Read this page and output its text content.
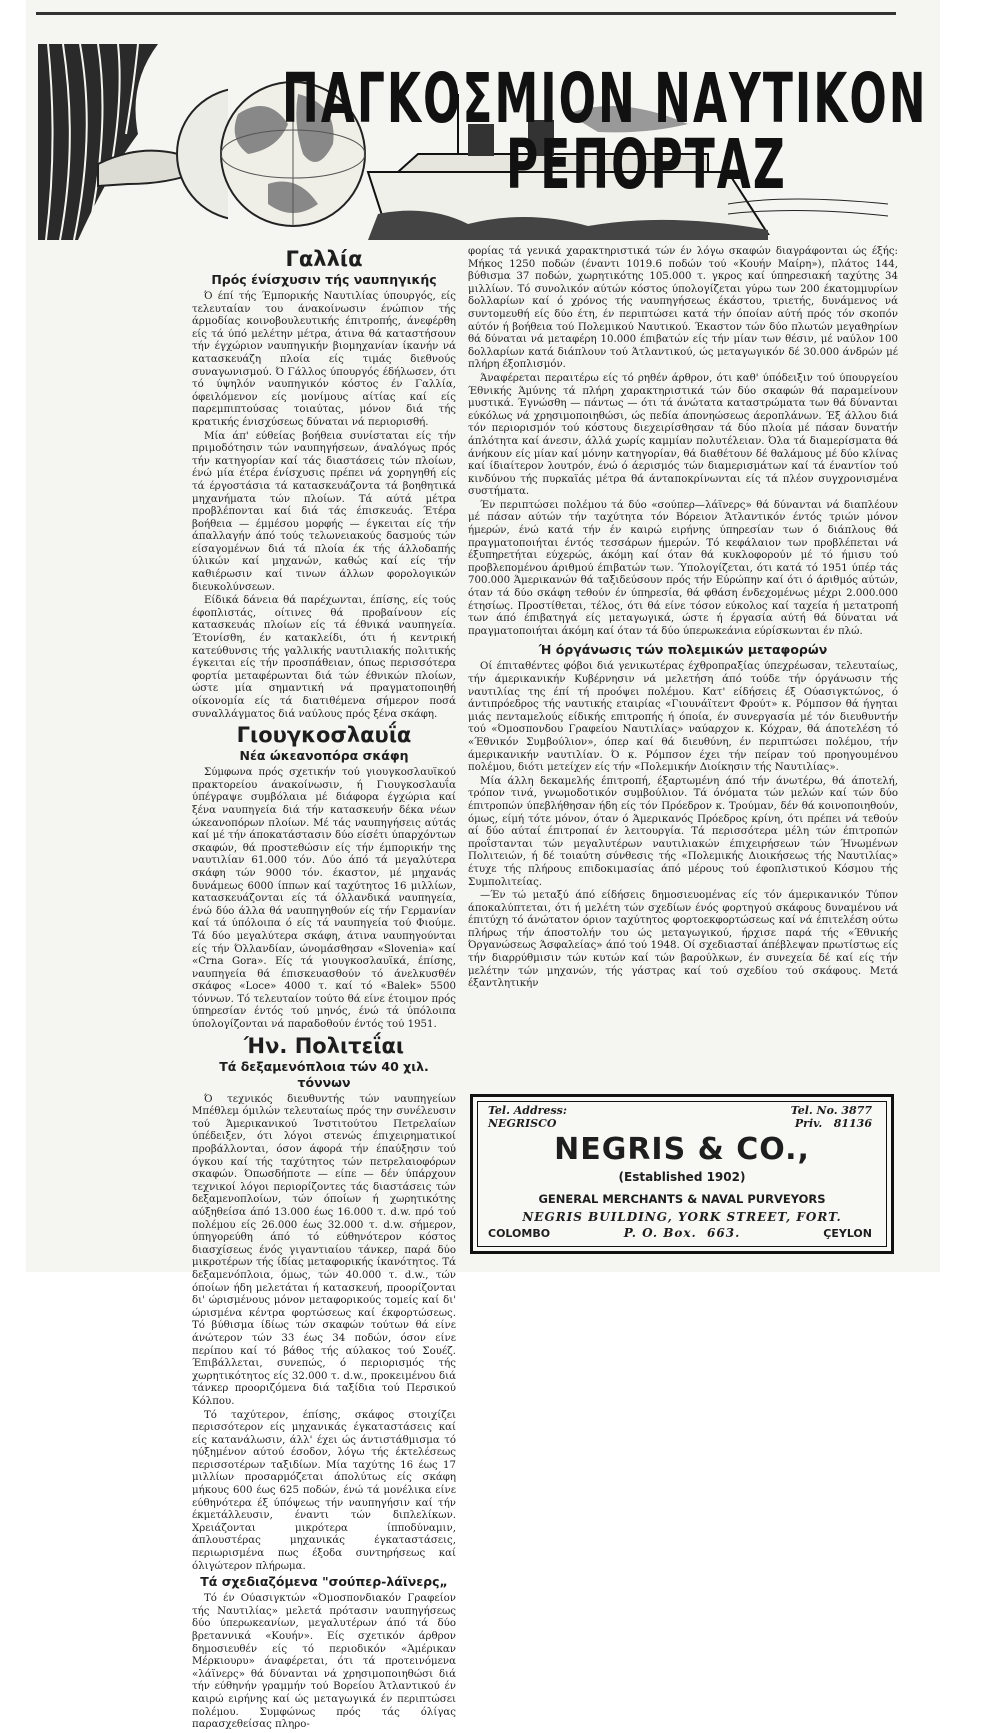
ΠΑΓΚΟΣΜΙΟΝ ΝΑΥΤΙΚΟΝ
ΡΕΠΟΡΤΑΖ
Γαλλία
Πρός ένίσχυσιν τής ναυπηγικής

Ό έπί τής Έμπορικής Ναυτιλίας ύπουργός, είς τελευταίαν του άνακοίνωσιν ένώπιον τής άρμοδίας κοινοβουλευτικής έπιτροπής, άνεφέρθη είς τά ύπό μελέτην μέτρα, άτινα θά καταστήσουν τήν έγχώριον ναυπηγικήν βιομηχανίαν ίκανήν νά κατασκευάζη πλοία είς τιμάς διεθνούς συναγωνισμού. Ό Γάλλος ύπουργός έδήλωσεν, ότι τό ύψηλόν ναυπηγικόν κόστος έν Γαλλία, όφειλόμενον είς μονίμους αίτίας καί είς παρεμπιπτούσας τοιαύτας, μόνον διά τής κρατικής ένισχύσεως δύναται νά περιορισθή.

Μία άπ' εύθείας βοήθεια συνίσταται είς τήν πριμοδότησιν τών ναυπηγήσεων, άναλόγως πρός τήν κατηγορίαν καί τάς διαστάσεις τών πλοίων, ένώ μία έτέρα ένίσχυσις πρέπει νά χορηγηθή είς τά έργοστάσια τά κατασκευάζοντα τά βοηθητικά μηχανήματα τών πλοίων. Τά αύτά μέτρα προβλέπονται καί διά τάς έπισκευάς. Έτέρα βοήθεια — έμμέσου μορφής — έγκειται είς τήν άπαλλαγήν άπό τούς τελωνειακούς δασμούς τών είσαγομένων διά τά πλοία έκ τής άλλοδαπής ύλικών καί μηχανών, καθώς καί είς τήν καθιέρωσιν καί τινων άλλων φορολογικών διευκολύνσεων.

Είδικά δάνεια θά παρέχωνται, έπίσης, είς τούς έφοπλιστάς, οίτινες θά προβαίνουν είς κατασκευάς πλοίων είς τά έθνικά ναυπηγεία. Έτονίσθη, έν κατακλείδι, ότι ή κεντρική κατεύθυνσις τής γαλλικής ναυτιλιακής πολιτικής έγκειται είς τήν προσπάθειαν, όπως περισσότερα φορτία μεταφέρωνται διά τών έθνικών πλοίων, ώστε μία σημαντική νά πραγματοποιηθή οίκονομία είς τά διατιθέμενα σήμερον ποσά συναλλάγματος διά ναύλους πρός ξένα σκάφη.

Γιουγκοσλαυΐα
Νέα ώκεανοπόρα σκάφη

Σύμφωνα πρός σχετικήν τού γιουγκοσλαυϊκού πρακτορείου άνακοίνωσιν, ή Γιουγκοσλαυΐα ύπέγραψε συμβόλαια μέ διάφορα έγχώρια καί ξένα ναυπηγεία διά τήν κατασκευήν δέκα νέων ώκεανοπόρων πλοίων. Μέ τάς ναυπηγήσεις αύτάς καί μέ τήν άποκατάστασιν δύο είσέτι ύπαρχόντων σκαφών, θά προστεθώσιν είς τήν έμπορικήν της ναυτιλίαν 61.000 τόν. Δύο άπό τά μεγαλύτερα σκάφη τών 9000 τόν. έκαστον, μέ μηχανάς δυνάμεως 6000 ίππων καί ταχύτητος 16 μιλλίων, κατασκευάζονται είς τά όλλανδικά ναυπηγεία, ένώ δύο άλλα θά ναυπηγηθούν είς τήν Γερμανίαν καί τά ύπόλοιπα ό είς τά ναυπηγεία τού Φιούμε. Τά δύο μεγαλύτερα σκάφη, άτινα ναυπηγούνται είς τήν Όλλανδίαν, ώνομάσθησαν «Slovenia» καί «Crna Gora». Είς τά γιουγκοσλαυϊκά, έπίσης, ναυπηγεία θά έπισκευασθούν τό άνελκυσθέν σκάφος «Loce» 4000 τ. καί τό «Balek» 5500 τόννων. Τό τελευταίον τούτο θά είνε έτοιμον πρός ύπηρεσίαν έντός τού μηνός, ένώ τά ύπόλοιπα ύπολογίζονται νά παραδοθούν έντός τού 1951.

Ήν. Πολιτεΐαι
Τά δεξαμενόπλοια τών 40 χιλ. τόννων

Ό τεχνικός διευθυντής τών ναυπηγείων Μπέθλεμ όμιλών τελευταίως πρός την συνέλευσιν τού Άμερικανικού Ίνστιτούτου Πετρελαίων ύπέδειξεν, ότι λόγοι στενώς έπιχειρηματικοί προβάλλονται, όσον άφορά τήν έπαύξησιν τού όγκου καί τής ταχύτητος τών πετρελαιοφόρων σκαφών. Όπωσδήποτε — είπε — δέν ύπάρχουν τεχνικοί λόγοι περιορίζοντες τάς διαστάσεις τών δεξαμενοπλοίων, τών όποίων ή χωρητικότης αύξηθείσα άπό 13.000 έως 16.000 τ. d.w. πρό τού πολέμου είς 26.000 έως 32.000 τ. d.w. σήμερον, ύπηγορεύθη άπό τό εύθηνότερον κόστος διασχίσεως ένός γιγαντιαίου τάνκερ, παρά δύο μικροτέρων τής ίδίας μεταφορικής ίκανότητος. Τά δεξαμενόπλοια, όμως, τών 40.000 τ. d.w., τών όποίων ήδη μελετάται ή κατασκευή, προορίζονται δι' ώρισμένους μόνον μεταφορικούς τομείς καί δι' ώρισμένα κέντρα φορτώσεως καί έκφορτώσεως. Τό βύθισμα ίδίως τών σκαφών τούτων θά είνε άνώτερον τών 33 έως 34 ποδών, όσον είνε περίπου καί τό βάθος τής αύλακος τού Σουέζ. Έπιβάλλεται, συνεπώς, ό περιορισμός τής χωρητικότητος είς 32.000 τ. d.w., προκειμένου διά τάνκερ προοριζόμενα διά ταξίδια τού Περσικού Κόλπου.

Τό ταχύτερον, έπίσης, σκάφος στοιχίζει περισσότερον είς μηχανικάς έγκαταστάσεις καί είς κατανάλωσιν, άλλ' έχει ώς άντιστάθμισμα τό ηύξημένον αύτού έσοδον, λόγω τής έκτελέσεως περισσοτέρων ταξιδίων. Μία ταχύτης 16 έως 17 μιλλίων προσαρμόζεται άπολύτως είς σκάφη μήκους 600 έως 625 ποδών, ένώ τά μονέλικα είνε εύθηνότερα έξ ύπόψεως τήν ναυπηγήσιν καί τήν έκμετάλλευσιν, έναντι τών διπλελίκων. Χρειάζονται μικρότερα ίπποδύναμιν, άπλουστέρας μηχανικάς έγκαταστάσεις, περιωρισμένα πως έξοδα συντηρήσεως καί όλιγώτερον πλήρωμα.

Τά σχεδιαζόμενα "σούπερ-λάϊνερς„

Τό έν Ούασιγκτών «Όμοσπονδιακόν Γραφείον τής Ναυτιλίας» μελετά πρότασιν ναυπηγήσεως δύο ύπερωκεανίων, μεγαλυτέρων άπό τά δύο βρεταννικά «Κουήν». Είς σχετικόν άρθρον δημοσιευθέν είς τό περιοδικόν «Άμέρικαν Μέρκιουρυ» άναφέρεται, ότι τά προτεινόμενα «λάϊνερς» θά δύνανται νά χρησιμοποιηθώσι διά τήν εύθηνήν γραμμήν τού Βορείου Άτλαντικού έν καιρώ ειρήνης καί ώς μεταγωγικά έν περιπτώσει πολέμου. Συμφώνως πρός τάς όλίγας παρασχεθείσας πληρο-

φορίας τά γενικά χαρακτηριστικά τών έν λόγω σκαφών διαγράφονται ώς έξής: Μήκος 1250 ποδών (έναντι 1019.6 ποδών τού «Κουήν Μαίρη»), πλάτος 144, βύθισμα 37 ποδών, χωρητικότης 105.000 τ. γκρος καί ύπηρεσιακή ταχύτης 34 μιλλίων. Τό συνολικόν αύτών κόστος ύπολογίζεται γύρω των 200 έκατομμυρίων δολλαρίων καί ό χρόνος τής ναυπηγήσεως έκάστου, τριετής, δυνάμενος νά συντομευθή είς δύο έτη, έν περιπτώσει κατά τήν όποίαν αύτή πρός τόν σκοπόν αύτόν ή βοήθεια τού Πολεμικού Ναυτικού. Έκαστον τών δύο πλωτών μεγαθηρίων θά δύναται νά μεταφέρη 10.000 έπιβατών είς τήν μίαν των θέσιν, μέ ναύλον 100 δολλαρίων κατά διάπλουν τού Άτλαντικού, ώς μεταγωγικόν δέ 30.000 άνδρών μέ πλήρη έξοπλισμόν.

Άναφέρεται περαιτέρω είς τό ρηθέν άρθρον, ότι καθ' ύπόδειξιν τού ύπουργείου Έθνικής Άμύνης τά πλήρη χαρακτηριστικά τών δύο σκαφών θά παραμείνουν μυστικά. Έγνώσθη — πάντως — ότι τά άνώτατα καταστρώματα των θά δύνανται εύκόλως νά χρησιμοποιηθώσι, ώς πεδία άπονηώσεως άεροπλάνων. Έξ άλλου διά τόν περιορισμόν τού κόστους διεχειρίσθησαν τά δύο πλοία μέ πάσαν δυνατήν άπλότητα καί άνεσιν, άλλά χωρίς καμμίαν πολυτέλειαν. Όλα τά διαμερίσματα θά άνήκουν είς μίαν καί μόνην κατηγορίαν, θά διαθέτουν δέ θαλάμους μέ δύο κλίνας καί ίδιαίτερον λουτρόν, ένώ ό άερισμός τών διαμερισμάτων καί τά έναντίον τού κινδύνου τής πυρκαϊάς μέτρα θά άνταποκρίνωνται είς τά πλέον συγχρονισμένα συστήματα.

Έν περιπτώσει πολέμου τά δύο «σούπερ—λάϊνερς» θά δύνανται νά διαπλέουν μέ πάσαν αύτών τήν ταχύτητα τόν Βόρειον Άτλαντικόν έντός τριών μόνον ήμερών, ένώ κατά τήν έν καιρώ ειρήνης ύπηρεσίαν των ό διάπλους θά πραγματοποιήται έντός τεσσάρων ήμερών. Τό κεφάλαιον των προβλέπεται νά έξυπηρετήται εύχερώς, άκόμη καί όταν θά κυκλοφορούν μέ τό ήμισυ τού προβλεπομένου άριθμού έπιβατών των. Ύπολογίζεται, ότι κατά τό 1951 ύπέρ τάς 700.000 Άμερικανών θά ταξιδεύσουν πρός τήν Εύρώπην καί ότι ό άριθμός αύτών, όταν τά δύο σκάφη τεθούν έν ύπηρεσία, θά φθάση ένδεχομένως μέχρι 2.000.000 έτησίως. Προστίθεται, τέλος, ότι θά είνε τόσον εύκολος καί ταχεία ή μετατροπή των άπό έπιβατηγά είς μεταγωγικά, ώστε ή έργασία αύτή θά δύναται νά πραγματοποιήται άκόμη καί όταν τά δύο ύπερωκεάνια εύρίσκωνται έν πλώ.

Ή όργάνωσις τών πολεμικών μεταφορών

Οί έπιταθέντες φόβοι διά γενικωτέρας έχθροπραξίας ύπεχρέωσαν, τελευταίως, τήν άμερικανικήν Κυβέρνησιν νά μελετήση άπό τούδε τήν όργάνωσιν τής ναυτιλίας της έπί τή προόψει πολέμου. Κατ' είδήσεις έξ Ούασιγκτώνος, ό άντιπρόεδρος τής ναυτικής εταιρίας «Γιουνάϊτεντ Φρούτ» κ. Ρόμπσον θά ήγηται μιάς πενταμελούς είδικής επιτροπής ή όποία, έν συνεργασία μέ τόν διευθυντήν τού «Όμοσπονδου Γραφείου Ναυτιλίας» ναύαρχον κ. Κόχραν, θά άποτελέση τό «Έθνικόν Συμβούλιον», όπερ καί θά διευθύνη, έν περιπτώσει πολέμου, τήν άμερικανικήν ναυτιλίαν. Ό κ. Ρόμπσον έχει τήν πείραν τού προηγουμένου πολέμου, διότι μετείχεν είς τήν «Πολεμικήν Διοίκησιν τής Ναυτιλίας».

Μία άλλη δεκαμελής έπιτροπή, έξαρτωμένη άπό τήν άνωτέρω, θά άποτελή, τρόπον τινά, γνωμοδοτικόν συμβούλιον. Τά όνόματα τών μελών καί τών δύο έπιτροπών ύπεβλήθησαν ήδη είς τόν Πρόεδρον κ. Τρούμαν, δέν θά κοινοποιηθούν, όμως, είμή τότε μόνον, όταν ό Άμερικανός Πρόεδρος κρίνη, ότι πρέπει νά τεθούν αί δύο αύταί έπιτροπαί έν λειτουργία. Τά περισσότερα μέλη τών έπιτροπών προΐστανται τών μεγαλυτέρων ναυτιλιακών έπιχειρήσεων τών Ήνωμένων Πολιτειών, ή δέ τοιαύτη σύνθεσις τής «Πολεμικής Διοικήσεως τής Ναυτιλίας» έτυχε τής πλήρους επιδοκιμασίας άπό μέρους τού έφοπλιστικού Κόσμου τής Συμπολιτείας.

—Έν τώ μεταξύ άπό είδήσεις δημοσιευομένας είς τόν άμερικανικόν Τύπον άποκαλύπτεται, ότι ή μελέτη τών σχεδίων ένός φορτηγού σκάφους δυναμένου νά έπιτύχη τό άνώτατον όριον ταχύτητος φορτοεκφορτώσεως καί νά έπιτελέση ούτω πλήρως τήν άποστολήν του ώς μεταγωγικού, ήρχισε παρά τής «Έθνικής Όργανώσεως Άσφαλείας» άπό τού 1948. Οί σχεδιασταί άπέβλεψαν πρωτίστως είς τήν διαρρύθμισιν τών κυτών καί τών βαρούλκων, έν συνεχεία δέ καί είς τήν μελέτην τών μηχανών, τής γάστρας καί τού σχεδίου τού σκάφους. Μετά έξαντλητικήν

Tel. Address:
NEGRISCO
Tel. No. 3877
Priv.   81136
NEGRIS & CO.,
(Established 1902)
GENERAL MERCHANTS & NAVAL PURVEYORS
NEGRIS BUILDING, YORK STREET, FORT.
P. O. Box.  663.
COLOMBO	ÇEYLON
